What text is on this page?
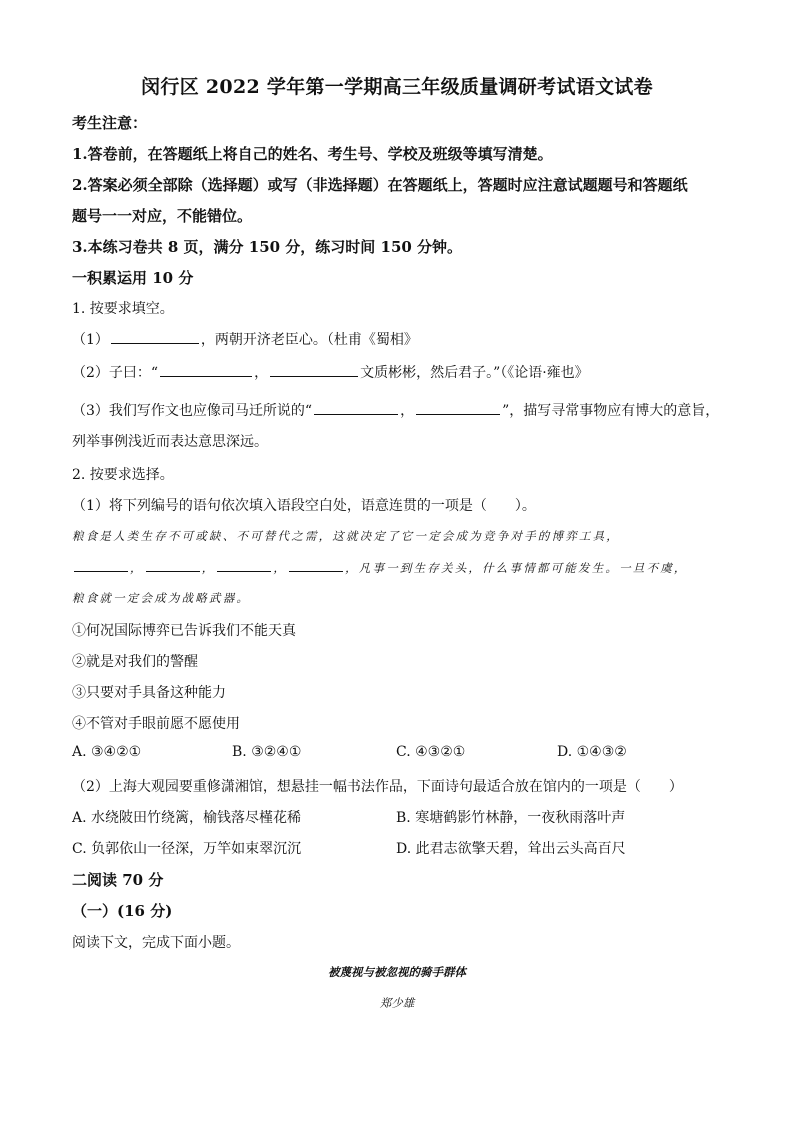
闵行区 2022 学年第一学期高三年级质量调研考试语文试卷
考生注意：
1.答卷前，在答题纸上将自己的姓名、考生号、学校及班级等填写清楚。
2.答案必须全部除（选择题）或写（非选择题）在答题纸上，答题时应注意试题题号和答题纸
题号一一对应，不能错位。
3.本练习卷共 8 页，满分 150 分，练习时间 150 分钟。
一积累运用 10 分
1. 按要求填空。
（1）	，两朝开济老臣心。（杜甫《蜀相》
（2）子曰：“	，	文质彬彬，然后君子。”（《论语·雍也》
（3）我们写作文也应像司马迁所说的“	，	”，描写寻常事物应有博大的意旨，
列举事例浅近而表达意思深远。
2. 按要求选择。
（1）将下列编号的语句依次填入语段空白处，语意连贯的一项是（　　）。
粮食是人类生存不可或缺、不可替代之需，这就决定了它一定会成为竞争对手的博弈工具，
，	，	，	，凡事一到生存关头，什么事情都可能发生。一旦不虞，
粮食就一定会成为战略武器。
①何况国际博弈已告诉我们不能天真
②就是对我们的警醒
③只要对手具备这种能力
④不管对手眼前愿不愿使用
A. ③④②①	B. ③②④①	C. ④③②①	D. ①④③②
（2）上海大观园要重修潇湘馆，想悬挂一幅书法作品，下面诗句最适合放在馆内的一项是（　　）
A. 水绕陂田竹绕篱，榆钱落尽槿花稀	B. 寒塘鹤影竹林静，一夜秋雨落叶声
C. 负郭依山一径深，万竿如束翠沉沉	D. 此君志欲擎天碧，耸出云头高百尺
二阅读 70 分
（一）(16 分)
阅读下文，完成下面小题。
被蔑视与被忽视的骑手群体
郑少雄
